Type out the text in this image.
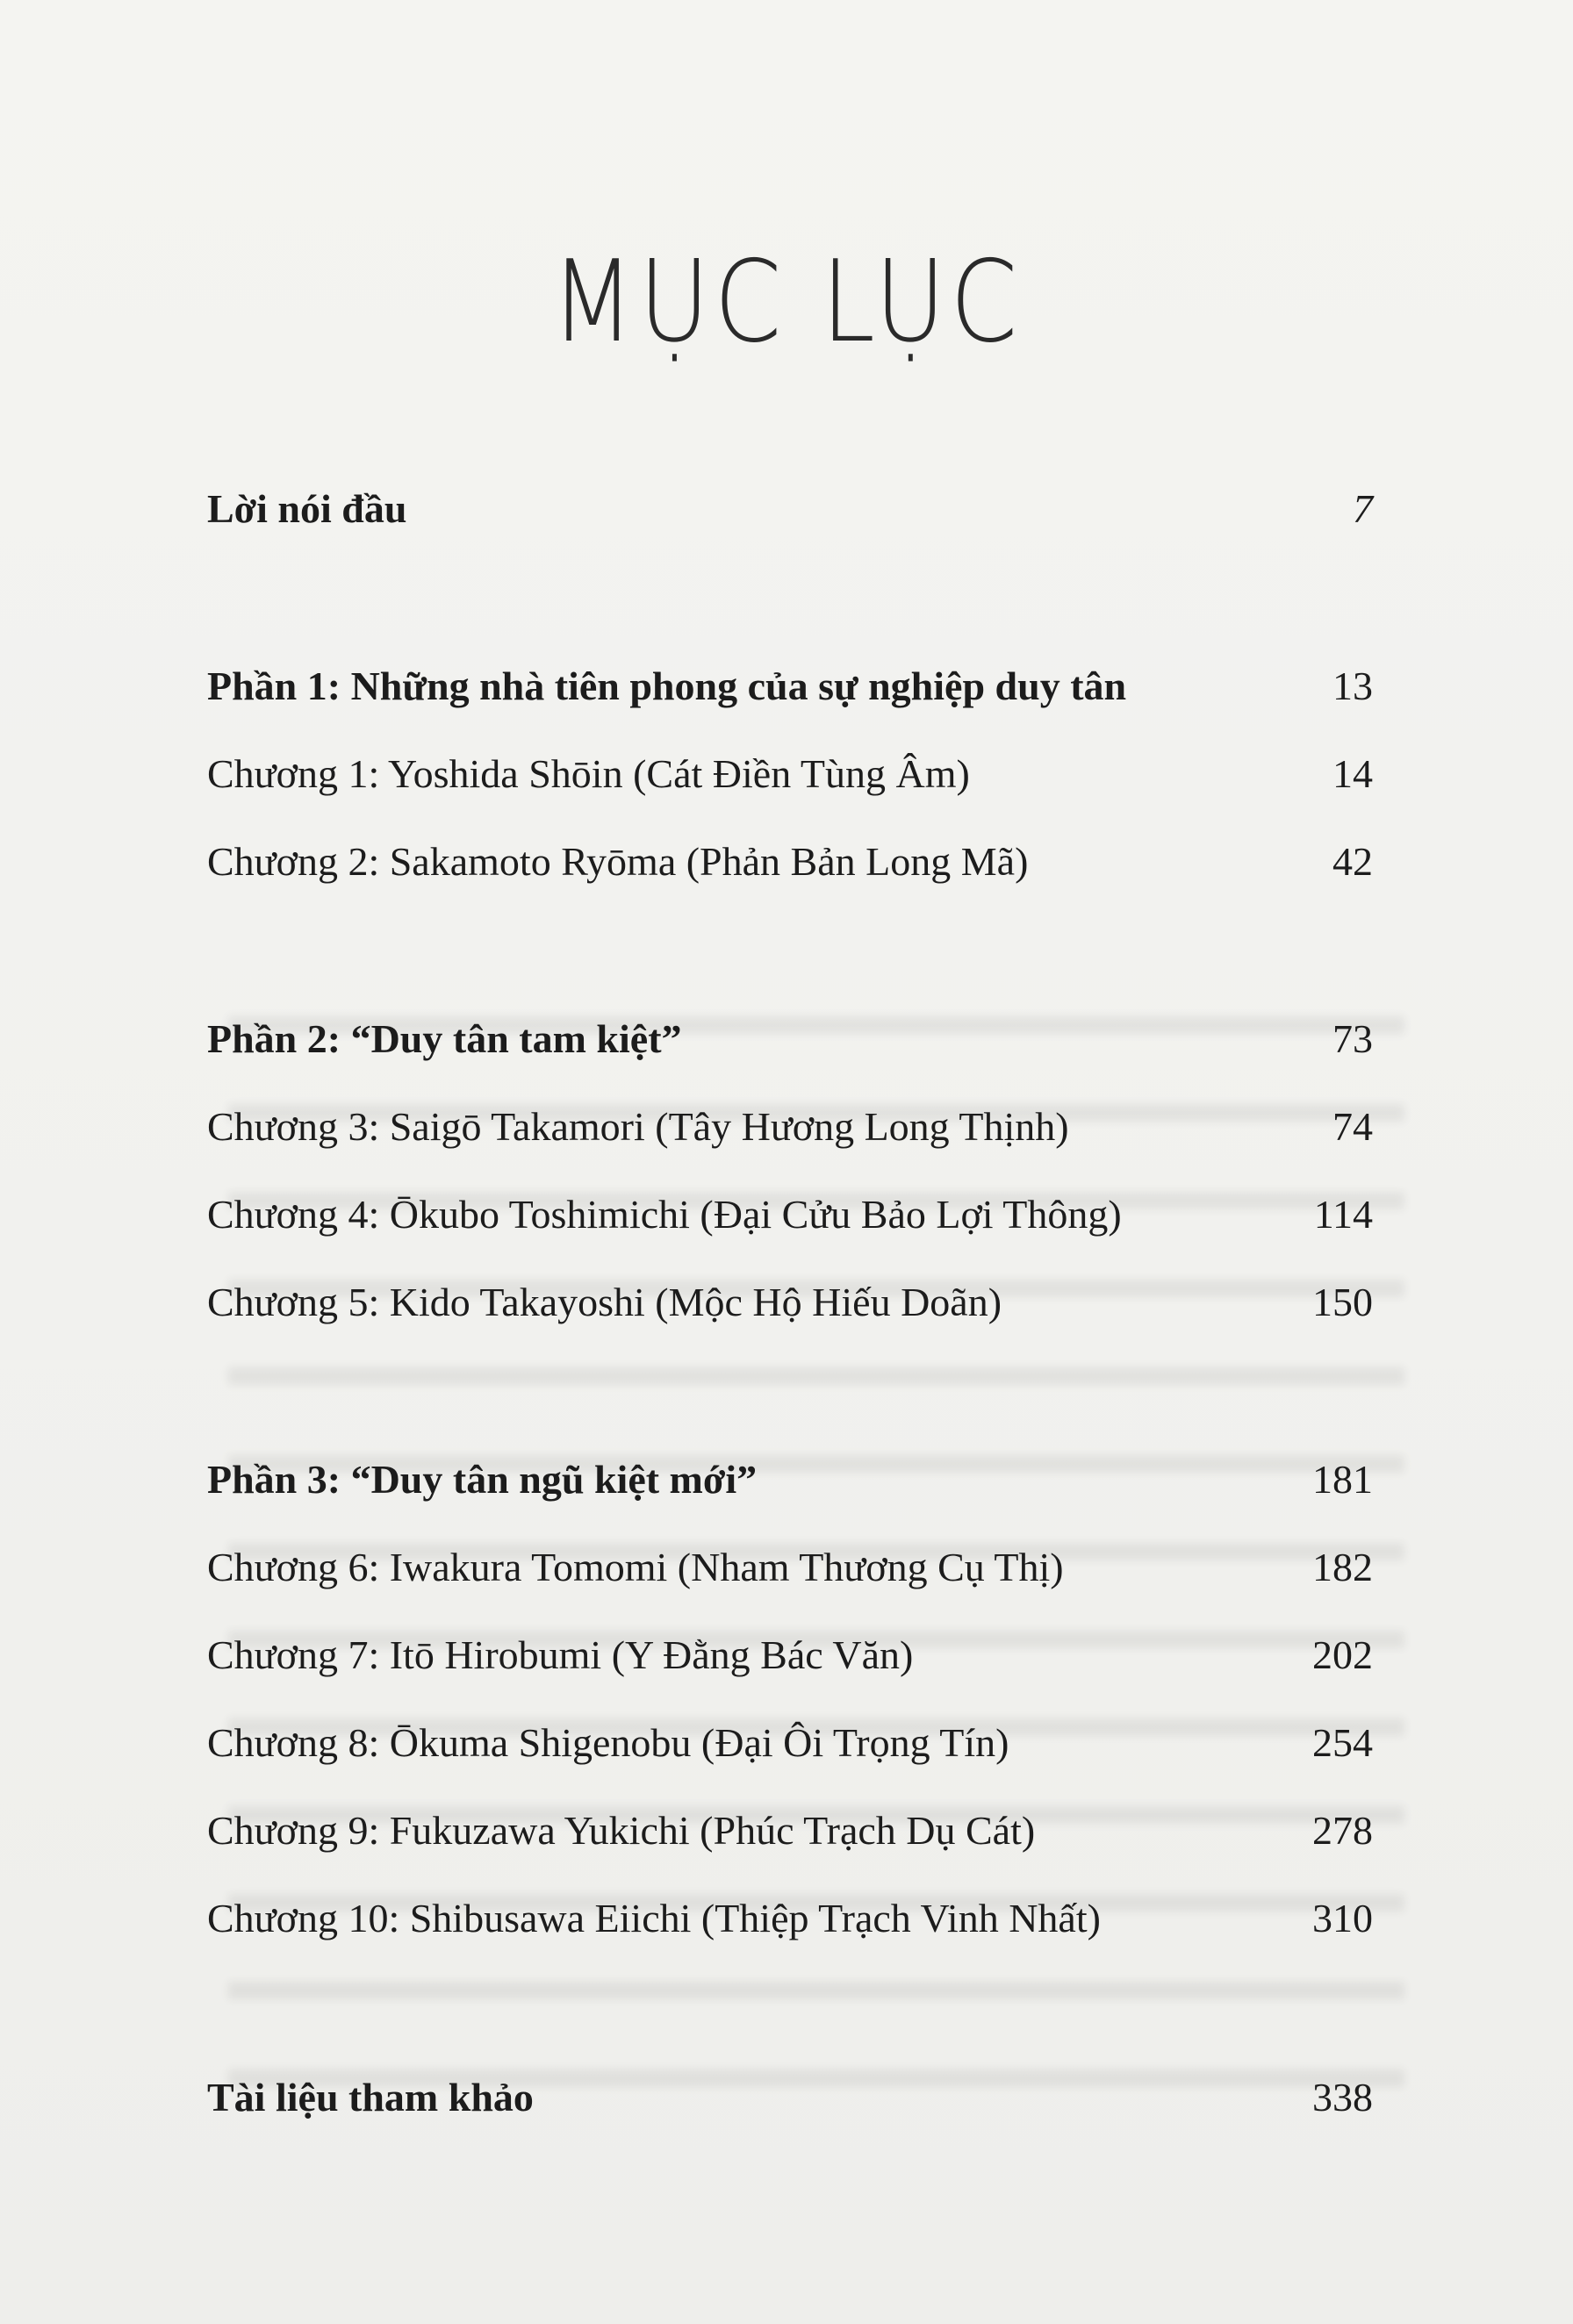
MỤC LỤC
Lời nói đầu	7
Phần 1: Những nhà tiên phong của sự nghiệp duy tân	13
Chương 1: Yoshida Shōin (Cát Điền Tùng Âm)	14
Chương 2: Sakamoto Ryōma (Phản Bản Long Mã)	42
Phần 2: “Duy tân tam kiệt”	73
Chương 3: Saigō Takamori (Tây Hương Long Thịnh)	74
Chương 4: Ōkubo Toshimichi (Đại Cửu Bảo Lợi Thông)	114
Chương 5: Kido Takayoshi (Mộc Hộ Hiếu Doãn)	150
Phần 3: “Duy tân ngũ kiệt mới”	181
Chương 6: Iwakura Tomomi (Nham Thương Cụ Thị)	182
Chương 7: Itō Hirobumi (Y Đằng Bác Văn)	202
Chương 8: Ōkuma Shigenobu (Đại Ôi Trọng Tín)	254
Chương 9: Fukuzawa Yukichi (Phúc Trạch Dụ Cát)	278
Chương 10: Shibusawa Eiichi (Thiệp Trạch Vinh Nhất)	310
Tài liệu tham khảo	338
